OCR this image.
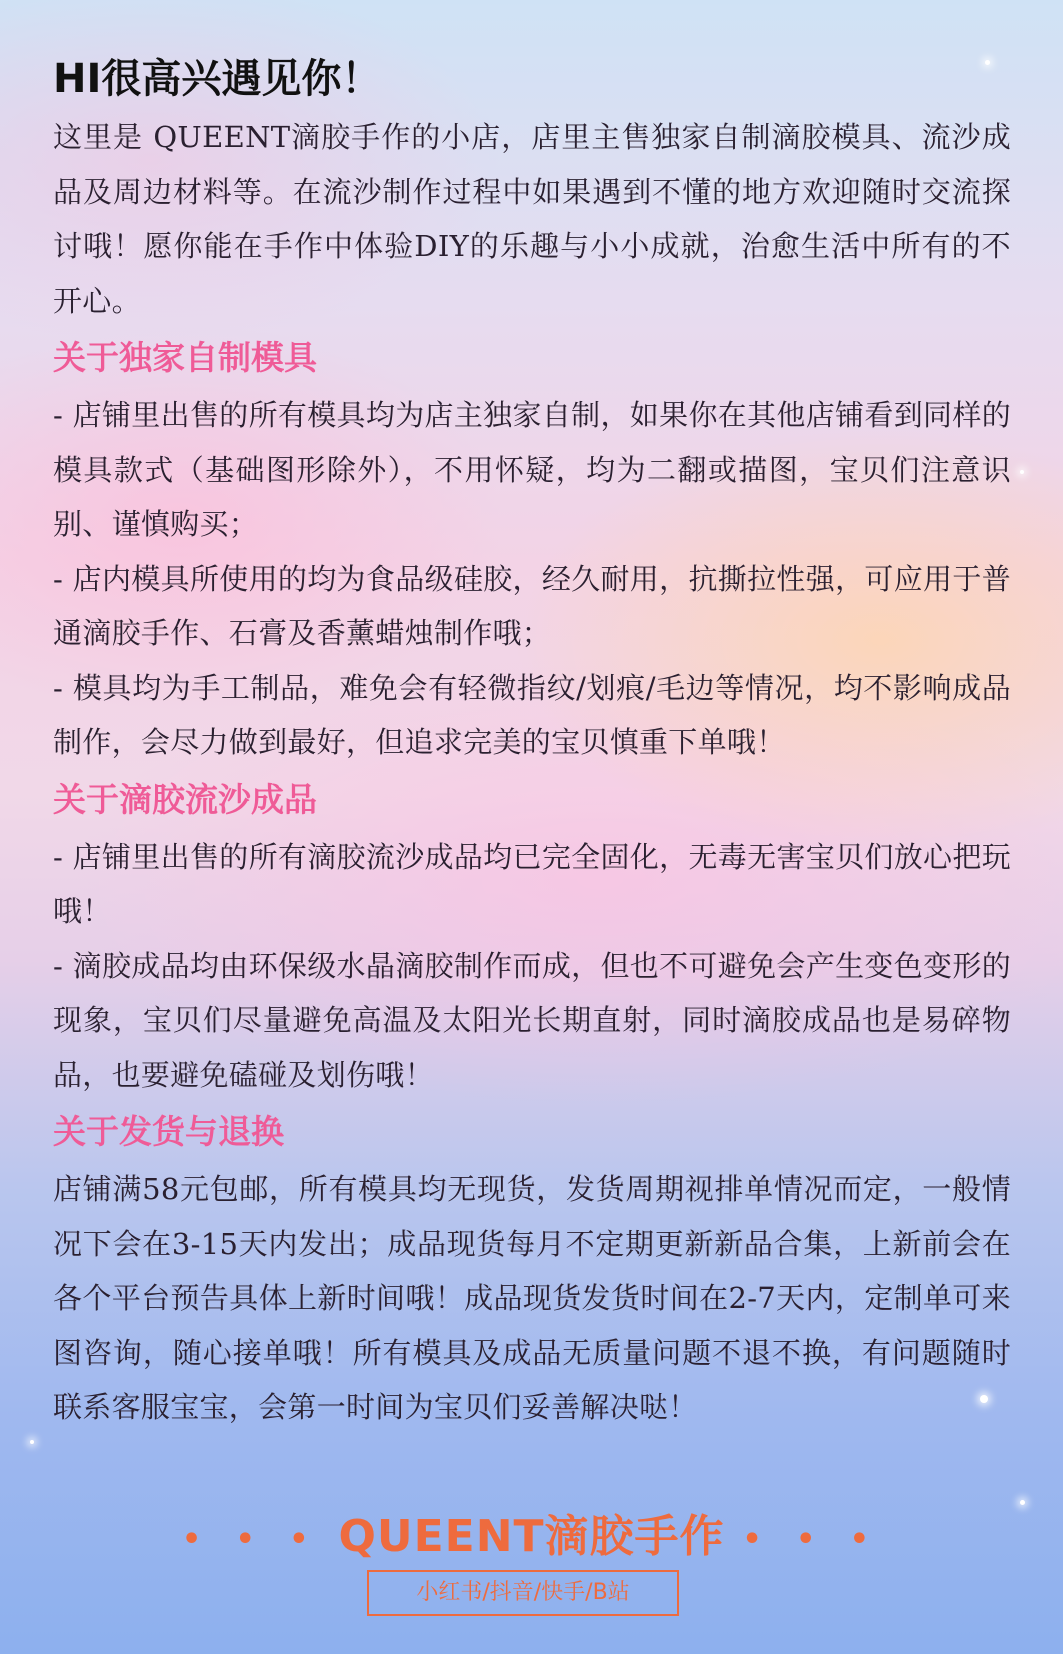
HI很高兴遇见你！

这里是 QUEENT滴胶手作的小店，店里主售独家自制滴胶模具、流沙成品及周边材料等。在流沙制作过程中如果遇到不懂的地方欢迎随时交流探讨哦！愿你能在手作中体验DIY的乐趣与小小成就，治愈生活中所有的不开心。

关于独家自制模具

- 店铺里出售的所有模具均为店主独家自制，如果你在其他店铺看到同样的模具款式（基础图形除外），不用怀疑，均为二翻或描图，宝贝们注意识别、谨慎购买；

- 店内模具所使用的均为食品级硅胶，经久耐用，抗撕拉性强，可应用于普通滴胶手作、石膏及香薰蜡烛制作哦；

- 模具均为手工制品，难免会有轻微指纹/划痕/毛边等情况，均不影响成品制作，会尽力做到最好，但追求完美的宝贝慎重下单哦！

关于滴胶流沙成品

- 店铺里出售的所有滴胶流沙成品均已完全固化，无毒无害宝贝们放心把玩哦！

- 滴胶成品均由环保级水晶滴胶制作而成，但也不可避免会产生变色变形的现象，宝贝们尽量避免高温及太阳光长期直射，同时滴胶成品也是易碎物品，也要避免磕碰及划伤哦！

关于发货与退换

店铺满58元包邮，所有模具均无现货，发货周期视排单情况而定，一般情况下会在3-15天内发出；成品现货每月不定期更新新品合集，上新前会在各个平台预告具体上新时间哦！成品现货发货时间在2-7天内，定制单可来图咨询，随心接单哦！所有模具及成品无质量问题不退不换，有问题随时联系客服宝宝，会第一时间为宝贝们妥善解决哒！

• • • QUEENT滴胶手作 • • •
小红书/抖音/快手/B站
